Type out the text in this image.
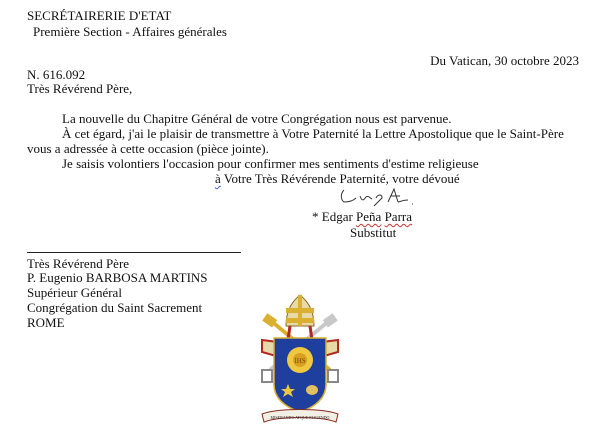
SECRÉTAIRERIE D'ETAT
Première Section - Affaires générales
Du Vatican, 30 octobre 2023
N. 616.092
Très Révérend Père,
La nouvelle du Chapitre Général de votre Congrégation nous est parvenue.
À cet égard, j'ai le plaisir de transmettre à Votre Paternité la Lettre Apostolique que le Saint-Père
vous a adressée à cette occasion (pièce jointe).
Je saisis volontiers l'occasion pour confirmer mes sentiments d'estime religieuse
à Votre Très Révérende Paternité, votre dévoué
* Edgar Peña Parra
Substitut
Très Révérend Père
P. Eugenio BARBOSA MARTINS
Supérieur Général
Congrégation du Saint Sacrement
ROME
IHS
MISERANDO ATQUE ELIGENDO
